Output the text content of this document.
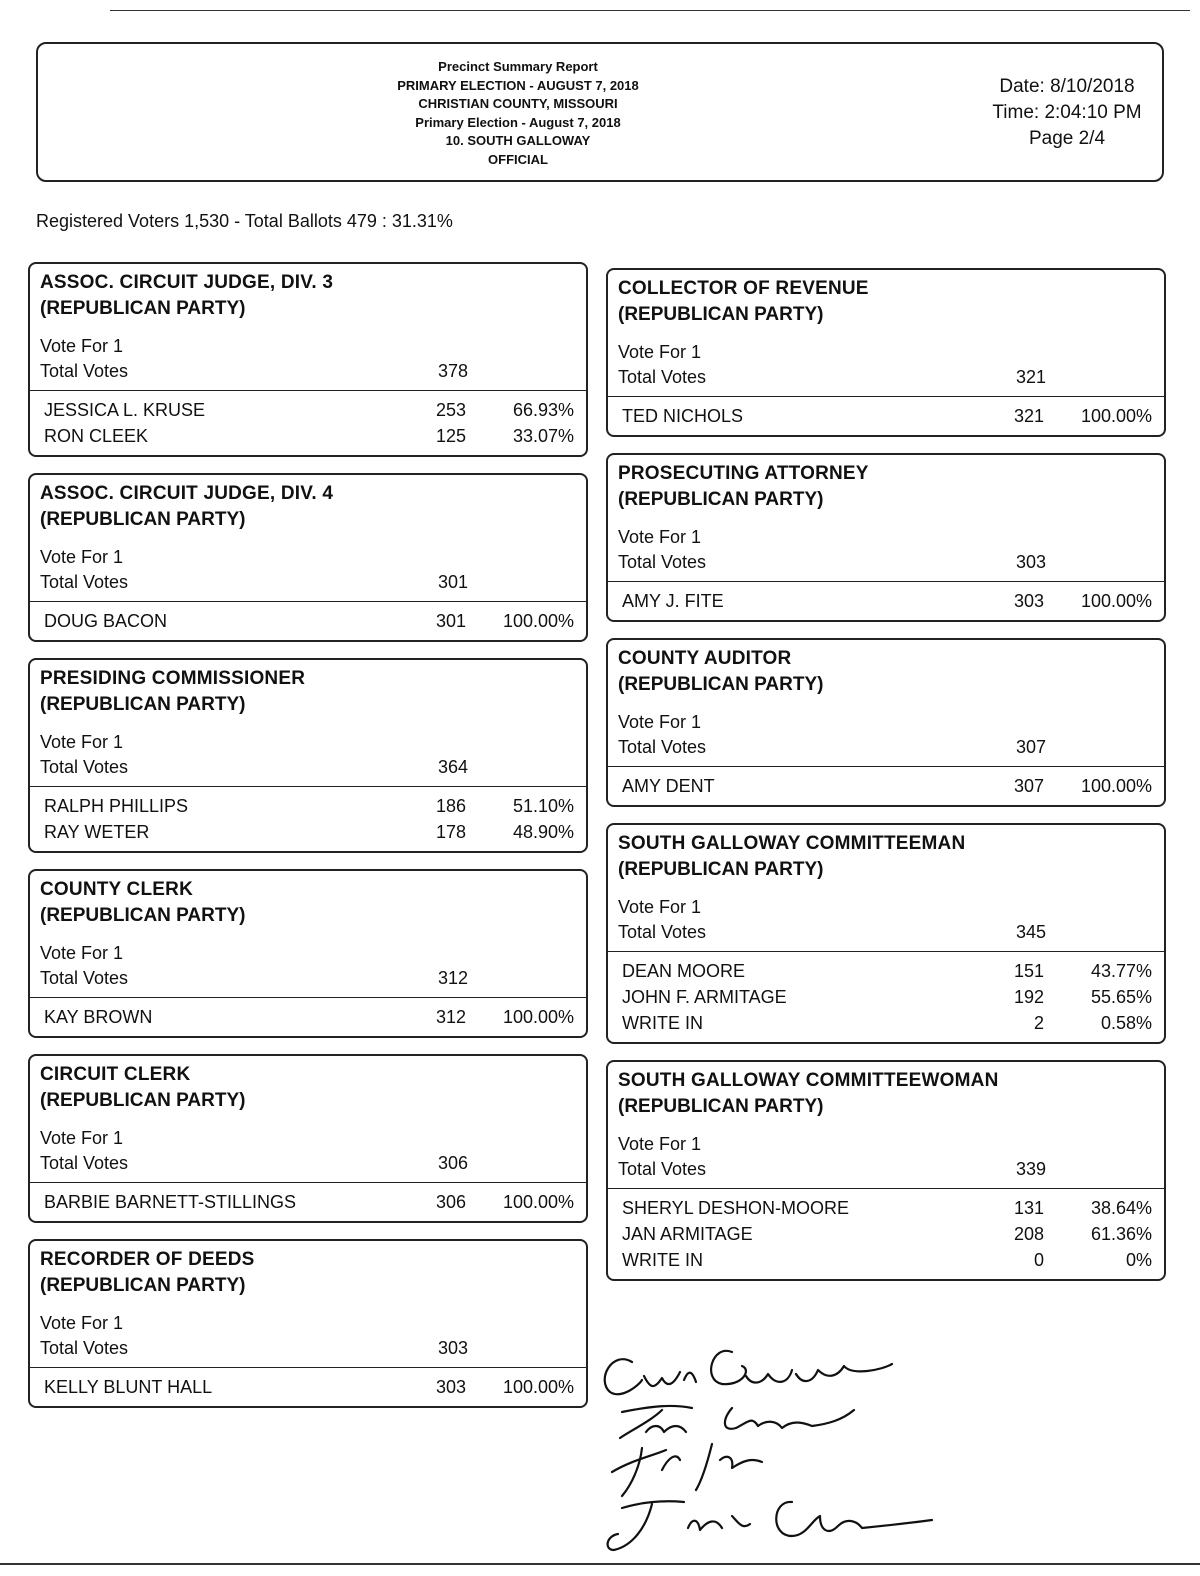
Precinct Summary Report
PRIMARY ELECTION - AUGUST 7, 2018
CHRISTIAN COUNTY, MISSOURI
Primary Election - August 7, 2018
10. SOUTH GALLOWAY
OFFICIAL
Date: 8/10/2018
Time: 2:04:10 PM
Page 2/4
Registered Voters 1,530 - Total Ballots 479 : 31.31%
ASSOC. CIRCUIT JUDGE, DIV. 3
(REPUBLICAN PARTY)
Vote For 1
Total Votes	378
JESSICA L. KRUSE	253	66.93%
RON CLEEK	125	33.07%
ASSOC. CIRCUIT JUDGE, DIV. 4
(REPUBLICAN PARTY)
Vote For 1
Total Votes	301
DOUG BACON	301	100.00%
PRESIDING COMMISSIONER
(REPUBLICAN PARTY)
Vote For 1
Total Votes	364
RALPH PHILLIPS	186	51.10%
RAY WETER	178	48.90%
COUNTY CLERK
(REPUBLICAN PARTY)
Vote For 1
Total Votes	312
KAY BROWN	312	100.00%
CIRCUIT CLERK
(REPUBLICAN PARTY)
Vote For 1
Total Votes	306
BARBIE BARNETT-STILLINGS	306	100.00%
RECORDER OF DEEDS
(REPUBLICAN PARTY)
Vote For 1
Total Votes	303
KELLY BLUNT HALL	303	100.00%
COLLECTOR OF REVENUE
(REPUBLICAN PARTY)
Vote For 1
Total Votes	321
TED NICHOLS	321	100.00%
PROSECUTING ATTORNEY
(REPUBLICAN PARTY)
Vote For 1
Total Votes	303
AMY J. FITE	303	100.00%
COUNTY AUDITOR
(REPUBLICAN PARTY)
Vote For 1
Total Votes	307
AMY DENT	307	100.00%
SOUTH GALLOWAY COMMITTEEMAN
(REPUBLICAN PARTY)
Vote For 1
Total Votes	345
DEAN MOORE	151	43.77%
JOHN F. ARMITAGE	192	55.65%
WRITE IN	2	0.58%
SOUTH GALLOWAY COMMITTEEWOMAN
(REPUBLICAN PARTY)
Vote For 1
Total Votes	339
SHERYL DESHON-MOORE	131	38.64%
JAN ARMITAGE	208	61.36%
WRITE IN	0	0%
